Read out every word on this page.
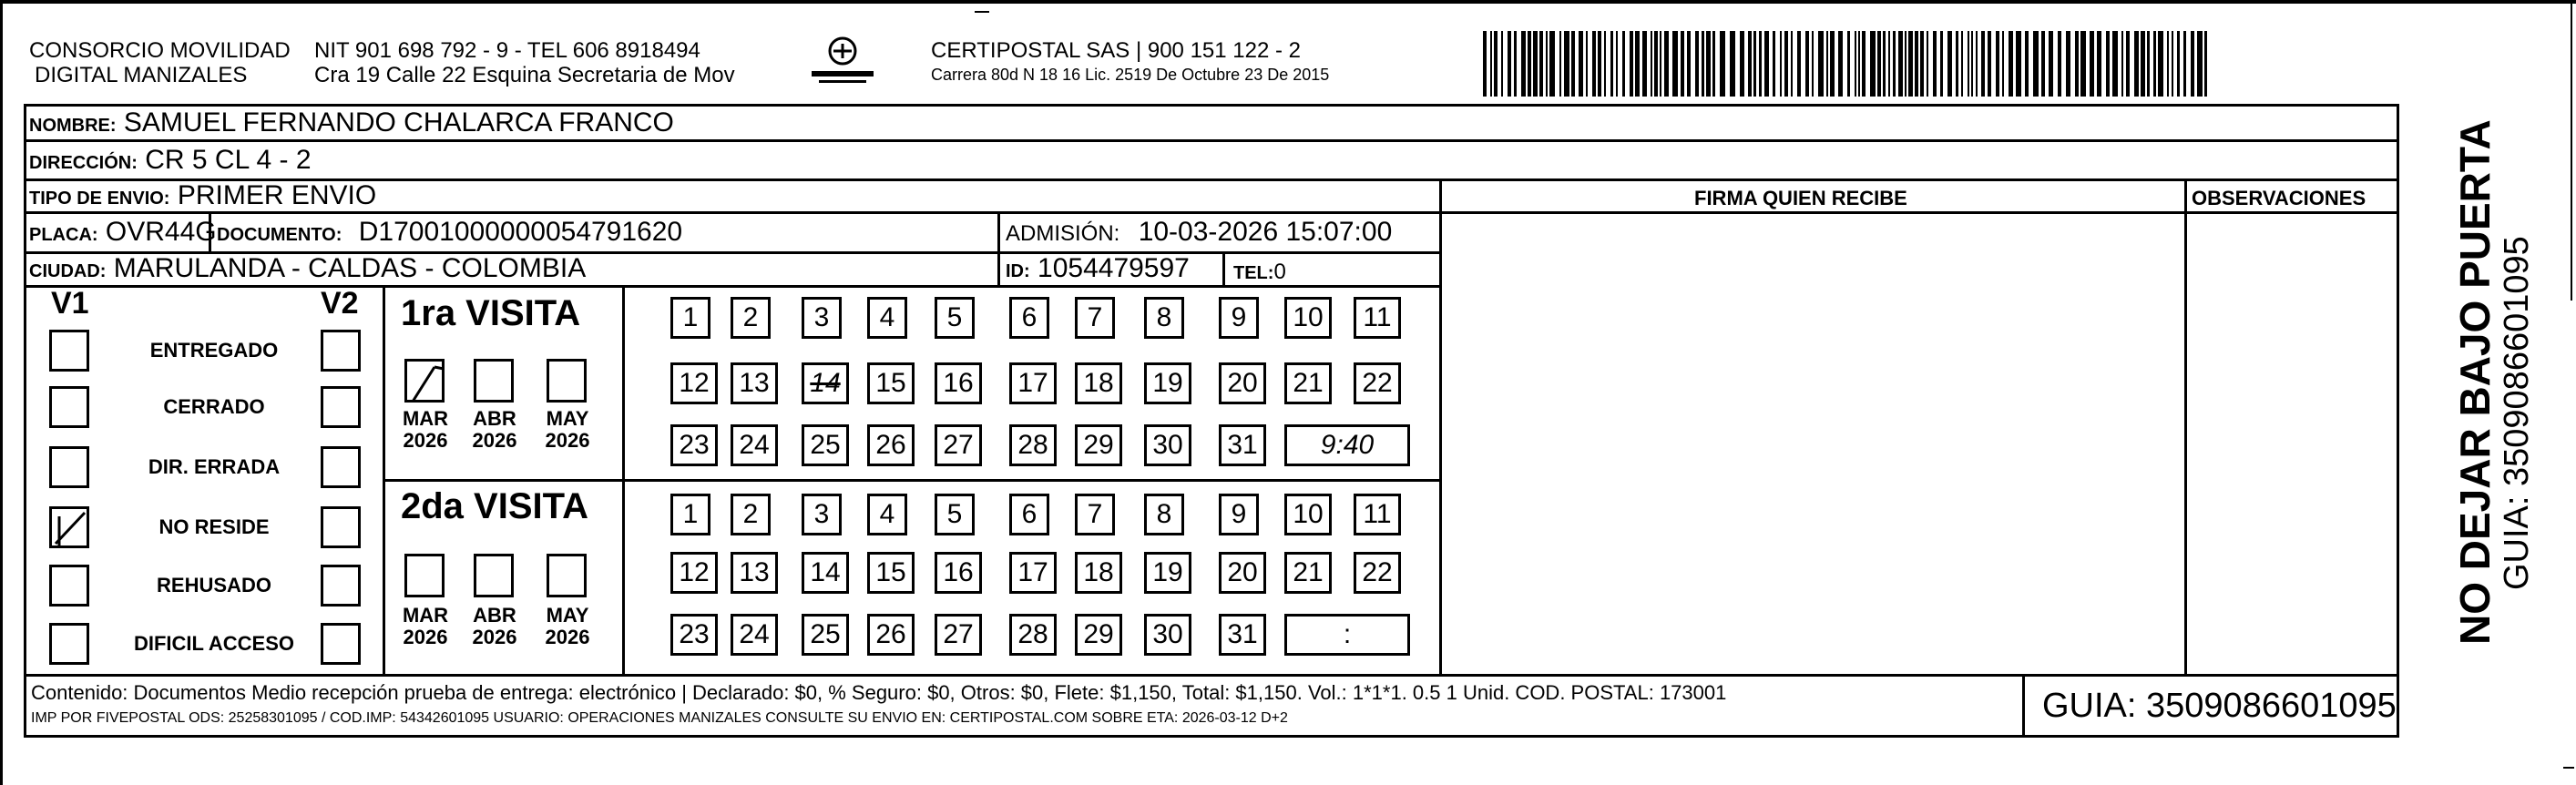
CONSORCIO MOVILIDAD
DIGITAL MANIZALES
NIT 901 698 792 - 9 - TEL 606 8918494
Cra 19 Calle 22 Esquina Secretaria de Mov
CERTIPOSTAL SAS | 900 151 122 - 2
Carrera 80d N 18 16 Lic. 2519 De Octubre 23 De 2015
NOMBRE: SAMUEL FERNANDO CHALARCA FRANCO
DIRECCIÓN: CR 5 CL 4 - 2
TIPO DE ENVIO: PRIMER ENVIO
PLACA: OVR44G DOCUMENTO: D17001000000054791620	ADMISIÓN: 10-03-2026 15:07:00
CIUDAD: MARULANDA - CALDAS - COLOMBIA	ID: 1054479597 TEL:0
FIRMA QUIEN RECIBE	OBSERVACIONES
V1	V2
ENTREGADO
CERRADO
DIR. ERRADA
NO RESIDE
REHUSADO
DIFICIL ACCESO
1ra VISITA
2da VISITA
MAR
2026
ABR
2026
MAY
2026
MAR
2026
ABR
2026
MAY
2026
1	2	3	4	5	6	7	8	9	10	11
12	13	14	15	16	17	18	19	20	21	22
23	24	25	26	27	28	29	30	31	9:40
1	2	3	4	5	6	7	8	9	10	11
12	13	14	15	16	17	18	19	20	21	22
23	24	25	26	27	28	29	30	31	:
Contenido: Documentos Medio recepción prueba de entrega: electrónico | Declarado: $0, % Seguro: $0, Otros: $0, Flete: $1,150, Total: $1,150. Vol.: 1*1*1. 0.5 1 Unid. COD. POSTAL: 173001
IMP POR FIVEPOSTAL ODS: 25258301095 / COD.IMP: 54342601095 USUARIO: OPERACIONES MANIZALES CONSULTE SU ENVIO EN: CERTIPOSTAL.COM SOBRE ETA: 2026-03-12 D+2	GUIA: 3509086601095
NO DEJAR BAJO PUERTA GUIA: 3509086601095
